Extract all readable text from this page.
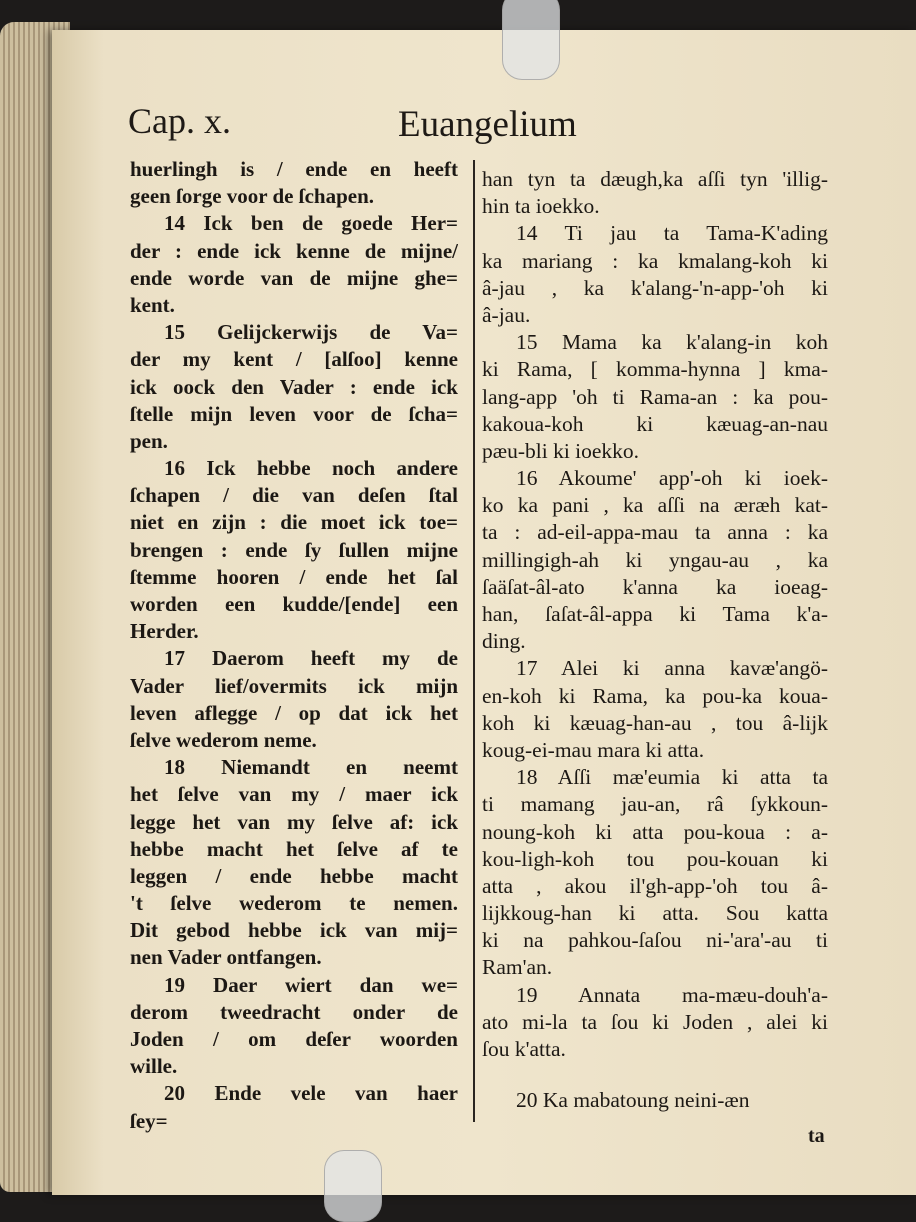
Cap. x.	Euangelium
huerlingh is / ende en heeft
geen ſorge voor de ſchapen.
14 Ick ben de goede Her=
der : ende ick kenne de mijne/
ende worde van de mijne ghe=
kent.
15 Gelijckerwijs de Va=
der my kent / [alſoo] kenne
ick oock den Vader : ende ick
ſtelle mijn leven voor de ſcha=
pen.
16 Ick hebbe noch andere
ſchapen / die van deſen ſtal
niet en zijn : die moet ick toe=
brengen : ende ſy ſullen mijne
ſtemme hooren / ende het ſal
worden een kudde/[ende] een
Herder.
17 Daerom heeft my de
Vader lief/overmits ick mijn
leven aflegge / op dat ick het
ſelve wederom neme.
18 Niemandt en neemt
het ſelve van my / maer ick
legge het van my ſelve af: ick
hebbe macht het ſelve af te
leggen / ende hebbe macht
't ſelve wederom te nemen.
Dit gebod hebbe ick van mij=
nen Vader ontfangen.
19 Daer wiert dan we=
derom tweedracht onder de
Joden / om deſer woorden
wille.
20 Ende vele van haer
ſey=
han tyn ta dæugh,ka aſſi tyn 'illig-
hin ta ioekko.
14 Ti jau ta Tama-K'ading
ka mariang : ka kmalang-koh ki
â-jau , ka k'alang-'n-app-'oh ki
â-jau.
15 Mama ka k'alang-in koh
ki Rama, [ komma-hynna ] kma-
lang-app 'oh ti Rama-an : ka pou-
kakoua-koh ki kæuag-an-nau
pæu-bli ki ioekko.
16 Akoume' app'-oh ki ioek-
ko ka pani , ka aſſi na æræh kat-
ta : ad-eil-appa-mau ta anna : ka
millingigh-ah ki yngau-au , ka
ſaäſat-âl-ato k'anna ka ioeag-
han, ſaſat-âl-appa ki Tama k'a-
ding.
17 Alei ki anna kavæ'angö-
en-koh ki Rama, ka pou-ka koua-
koh ki kæuag-han-au , tou â-lijk
koug-ei-mau mara ki atta.
18 Aſſi mæ'eumia ki atta ta
ti mamang jau-an, râ ſykkoun-
noung-koh ki atta pou-koua : a-
kou-ligh-koh tou pou-kouan ki
atta , akou il'gh-app-'oh tou â-
lijkkoug-han ki atta. Sou katta
ki na pahkou-ſaſou ni-'ara'-au ti
Ram'an.
19 Annata ma-mæu-douh'a-
ato mi-la ta ſou ki Joden , alei ki
ſou k'atta.
20 Ka mabatoung neini-æn
ta
